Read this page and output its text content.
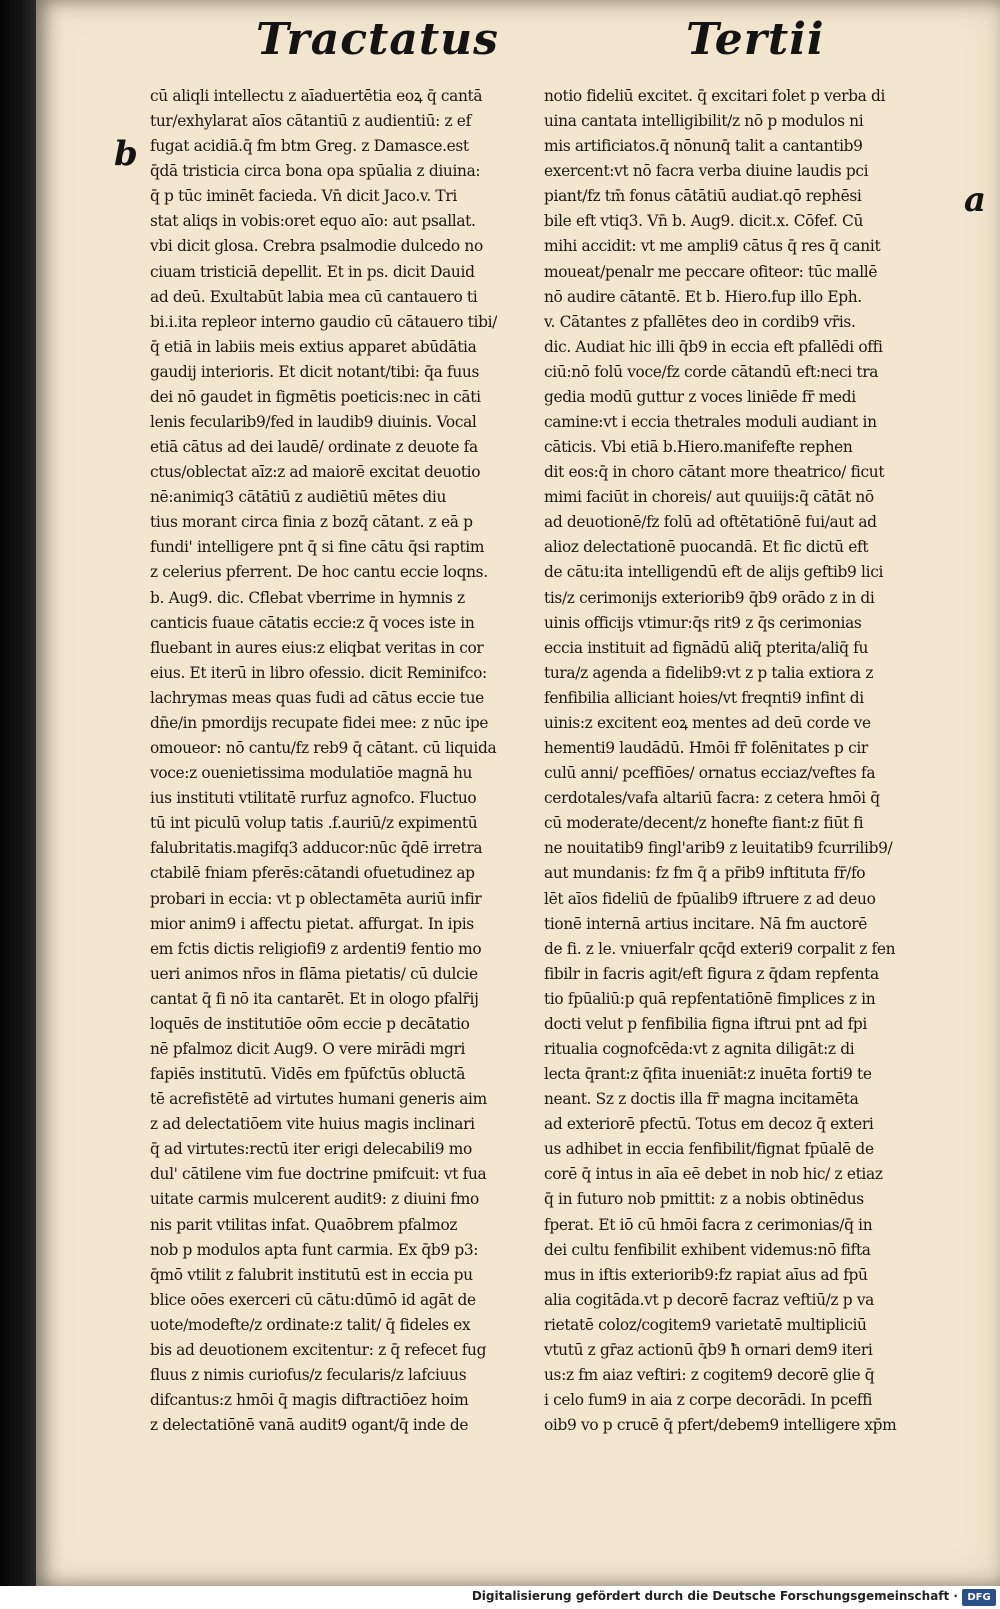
Tractatus	Tertii
b
a
cū aliqli intellectu z aīaduertētia eoꝝ q̄ cantā
tur/exhylarat aīos cātantiū z audientiū: z ef
fugat acidiā.q̄ fm btm Greg. z Damasce.est
q̄dā tristicia circa bona opa spūalia z diuina:
q̄ p tūc iminēt facieda. Vn̄ dicit Jaco.v. Tri
stat aliqs in vobis:oret equo aīo: aut psallat.
vbi dicit glosa. Crebra psalmodie dulcedo no
ciuam tristiciā depellit. Et in ps. dicit Dauid
ad deū. Exultabūt labia mea cū cantauero ti
bi.i.ita repleor interno gaudio cū cātauero tibi/
q̄ etiā in labiis meis extius apparet abūdātia
gaudij interioris. Et dicit notant/tibi: q̄a fuus
dei nō gaudet in figmētis poeticis:nec in cāti
lenis fecularib9/fed in laudib9 diuinis. Vocal
etiā cātus ad dei laudē/ ordinate z deuote fa
ctus/oblectat aīz:z ad maiorē excitat deuotio
nē:animiq3 cātātiū z audiētiū mētes diu
tius morant circa finia z bozq̄ cātant. z eā p
fundi' intelligere pnt q̄ si fine cātu q̄si raptim
z celerius pferrent. De hoc cantu eccie loqns.
b. Aug9. dic. Cflebat vberrime in hymnis z
canticis fuaue cātatis eccie:z q̄ voces iste in
fluebant in aures eius:z eliqbat veritas in cor
eius. Et iterū in libro ofessio. dicit Reminifco:
lachrymas meas quas fudi ad cātus eccie tue
dn̄e/in pmordijs recupate fidei mee: z nūc ipe
omoueor: nō cantu/fz reb9 q̄ cātant. cū liquida
voce:z ouenietissima modulatiōe magnā hu
ius instituti vtilitatē rurfuz agnofco. Fluctuo
tū int piculū volup tatis .f.auriū/z expimentū
falubritatis.magifq3 adducor:nūc q̄dē irretra
ctabilē fniam pferēs:cātandi ofuetudinez ap
probari in eccia: vt p oblectamēta auriū infir
mior anim9 i affectu pietat. affurgat. In ipis
em fctis dictis religiofi9 z ardenti9 fentio mo
ueri animos nr̄os in flāma pietatis/ cū dulcie
cantat q̄ fi nō ita cantarēt. Et in ologo pfalr̄ij
loquēs de institutiōe oōm eccie p decātatio
nē pfalmoz dicit Aug9. O vere mirādi mgri
fapiēs institutū. Vidēs em fpūfctūs obluctā
tē acrefistētē ad virtutes humani generis aim
z ad delectatiōem vite huius magis inclinari
q̄ ad virtutes:rectū iter erigi delecabili9 mo
dul' cātilene vim fue doctrine pmifcuit: vt fua
uitate carmis mulcerent audit9: z diuini fmo
nis parit vtilitas infat. Quaōbrem pfalmoz
nob p modulos apta funt carmia. Ex q̄b9 p3:
q̄mō vtilit z falubrit institutū est in eccia pu
blice oōes exerceri cū cātu:dūmō id agāt de
uote/modefte/z ordinate:z talit/ q̄ fideles ex
bis ad deuotionem excitentur: z q̄ refecet fug
fluus z nimis curiofus/z fecularis/z lafciuus
difcantus:z hmōi q̄ magis diftractiōez hoim
z delectatiōnē vanā audit9 ogant/q̄ inde de
notio fideliū excitet. q̄ excitari folet p verba di
uina cantata intelligibilit/z nō p modulos ni
mis artificiatos.q̄ nōnunq̄ talit a cantantib9
exercent:vt nō facra verba diuine laudis pci
piant/fz tm̄ fonus cātātiū audiat.qō rephēsi
bile eft vtiq3. Vn̄ b. Aug9. dicit.x. Cōfef. Cū
mihi accidit: vt me ampli9 cātus q̄ res q̄ canit
moueat/penalr me peccare ofiteor: tūc mallē
nō audire cātantē. Et b. Hiero.fup illo Eph.
v. Cātantes z pfallētes deo in cordib9 vr̄is.
dic. Audiat hic illi q̄b9 in eccia eft pfallēdi offi
ciū:nō folū voce/fz corde cātandū eft:neci tra
gedia modū guttur z voces liniēde fr̄ medi
camine:vt i eccia thetrales moduli audiant in
cāticis. Vbi etiā b.Hiero.manifefte rephen
dit eos:q̄ in choro cātant more theatrico/ ficut
mimi faciūt in choreis/ aut quuiijs:q̄ cātāt nō
ad deuotionē/fz folū ad oftētatiōnē fui/aut ad
alioz delectationē puocandā. Et fic dictū eft
de cātu:ita intelligendū eft de alijs geftib9 lici
tis/z cerimonijs exteriorib9 q̄b9 orādo z in di
uinis officijs vtimur:q̄s rit9 z q̄s cerimonias
eccia instituit ad fignādū aliq̄ pterita/aliq̄ fu
tura/z agenda a fidelib9:vt z p talia extiora z
fenfibilia alliciant hoies/vt freqnti9 infint di
uinis:z excitent eoꝝ mentes ad deū corde ve
hementi9 laudādū. Hmōi fr̄ folēnitates p cir
culū anni/ pceffiōes/ ornatus ecciaz/veftes fa
cerdotales/vafa altariū facra: z cetera hmōi q̄
cū moderate/decent/z honefte fiant:z fiūt fi
ne nouitatib9 fingl'arib9 z leuitatib9 fcurrilib9/
aut mundanis: fz fm q̄ a pr̄ib9 inftituta fr̄/fo
lēt aīos fideliū de fpūalib9 iftruere z ad deuo
tionē internā artius incitare. Nā fm auctorē
de fi. z le. vniuerfalr qcq̄d exteri9 corpalit z fen
fibilr in facris agit/eft figura z q̄dam repfenta
tio fpūaliū:p quā repfentatiōnē fimplices z in
docti velut p fenfibilia figna iftrui pnt ad fpi
ritualia cognofcēda:vt z agnita diligāt:z di
lecta q̄rant:z q̄fita inueniāt:z inuēta forti9 te
neant. Sz z doctis illa fr̄ magna incitamēta
ad exteriorē pfectū. Totus em decoz q̄ exteri
us adhibet in eccia fenfibilit/fignat fpūalē de
corē q̄ intus in aīa eē debet in nob hic/ z etiaz
q̄ in futuro nob pmittit: z a nobis obtinēdus
fperat. Et iō cū hmōi facra z cerimonias/q̄ in
dei cultu fenfibilit exhibent videmus:nō fifta
mus in iftis exteriorib9:fz rapiat aīus ad fpū
alia cogitāda.vt p decorē facraz veftiū/z p va
rietatē coloz/cogitem9 varietatē multipliciū
vtutū z gr̄az actionū q̄b9 ħ ornari dem9 iteri
us:z fm aiaz veftiri: z cogitem9 decorē glie q̄
i celo fum9 in aia z corpe decorādi. In pceffi
oib9 vo p crucē q̄ pfert/debem9 intelligere xp̄m
Digitalisierung gefördert durch die Deutsche Forschungsgemeinschaft · DFG
